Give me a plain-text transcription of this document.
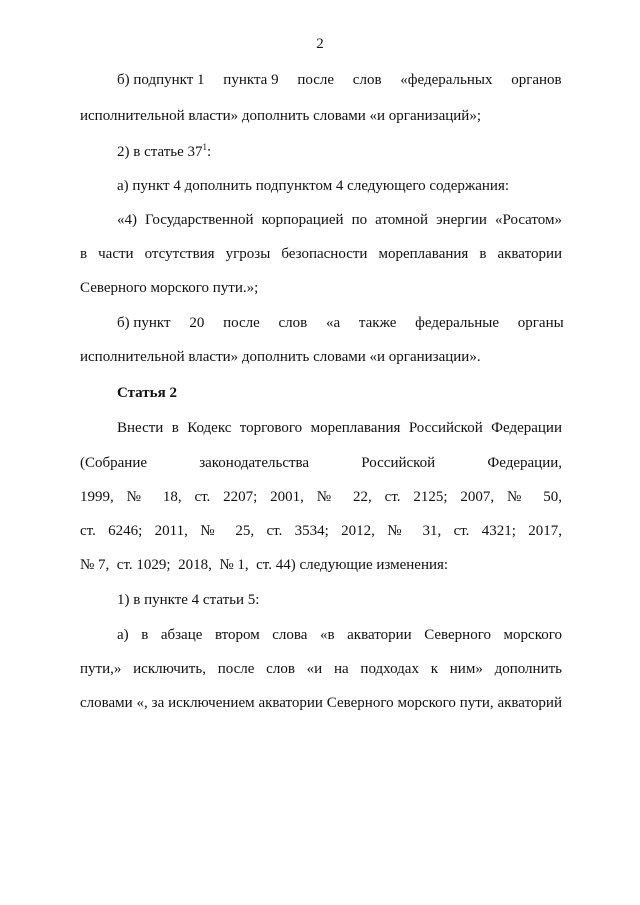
2
б) подпункт 1     пункта 9     после     слов     «федеральных     органов
исполнительной власти» дополнить словами «и организаций»;
2) в статье $37^1$:
а) пункт 4 дополнить подпунктом 4 следующего содержания:
«4) Государственной корпорацией по атомной энергии «Росатом»
в части отсутствия угрозы безопасности мореплавания в акватории
Северного морского пути.»;
б) пункт     20     после     слов     «а     также     федеральные     органы
исполнительной власти» дополнить словами «и организации».
Статья 2
Внести в Кодекс торгового мореплавания Российской Федерации
(Собрание законодательства Российской Федерации,
1999, № 18, ст. 2207; 2001, № 22, ст. 2125; 2007, № 50,
ст. 6246; 2011, № 25, ст. 3534; 2012, № 31, ст. 4321; 2017,
№ 7,  ст. 1029;  2018,  № 1,  ст. 44) следующие изменения:
1) в пункте 4 статьи 5:
а) в абзаце втором слова «в акватории Северного морского
пути,» исключить, после слов «и на подходах к ним» дополнить
словами «, за исключением акватории Северного морского пути, акваторий
